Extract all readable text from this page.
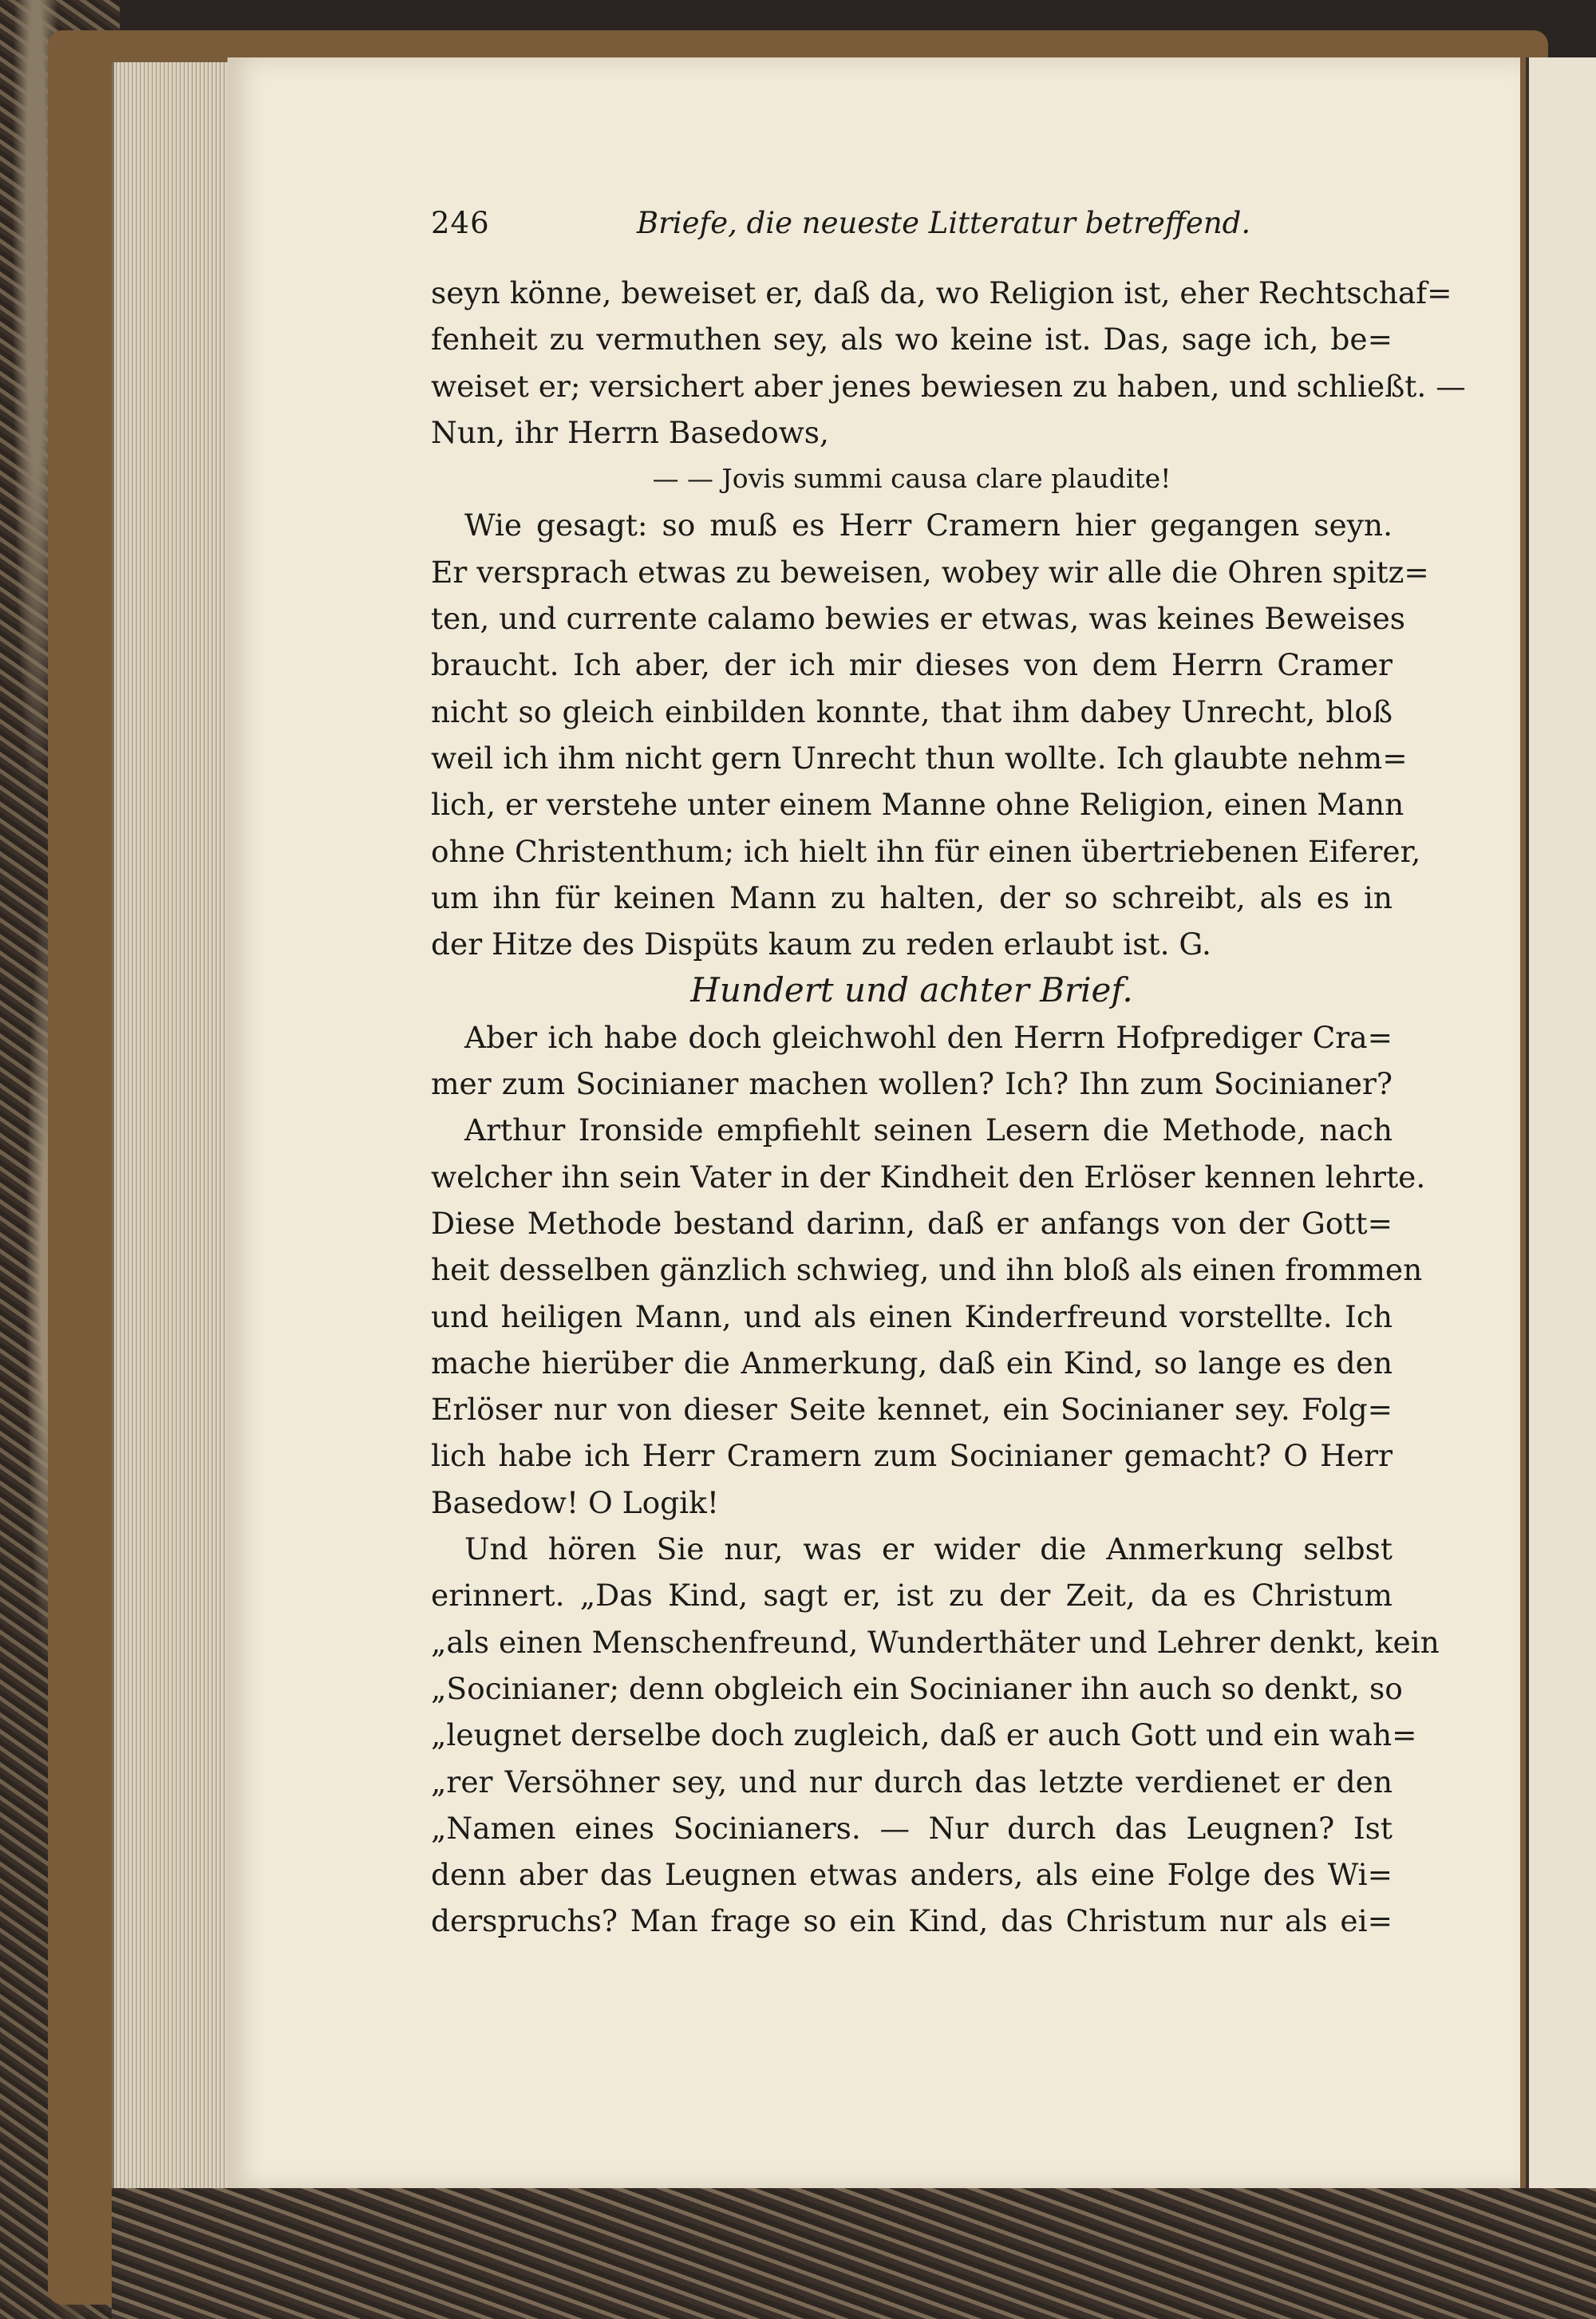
246	Briefe, die neueste Litteratur betreffend.
seyn könne, beweiset er, daß da, wo Religion ist, eher Rechtschaf=
fenheit zu vermuthen sey, als wo keine ist. Das, sage ich, be=
weiset er; versichert aber jenes bewiesen zu haben, und schließt. —
Nun, ihr Herrn Basedows,
— — Jovis summi causa clare plaudite!
Wie gesagt: so muß es Herr Cramern hier gegangen seyn.
Er versprach etwas zu beweisen, wobey wir alle die Ohren spitz=
ten, und currente calamo bewies er etwas, was keines Beweises
braucht. Ich aber, der ich mir dieses von dem Herrn Cramer
nicht so gleich einbilden konnte, that ihm dabey Unrecht, bloß
weil ich ihm nicht gern Unrecht thun wollte. Ich glaubte nehm=
lich, er verstehe unter einem Manne ohne Religion, einen Mann
ohne Christenthum; ich hielt ihn für einen übertriebenen Eiferer,
um ihn für keinen Mann zu halten, der so schreibt, als es in
der Hitze des Dispüts kaum zu reden erlaubt ist. G.
Hundert und achter Brief.
Aber ich habe doch gleichwohl den Herrn Hofprediger Cra=
mer zum Socinianer machen wollen? Ich? Ihn zum Socinianer?
Arthur Ironside empfiehlt seinen Lesern die Methode, nach
welcher ihn sein Vater in der Kindheit den Erlöser kennen lehrte.
Diese Methode bestand darinn, daß er anfangs von der Gott=
heit desselben gänzlich schwieg, und ihn bloß als einen frommen
und heiligen Mann, und als einen Kinderfreund vorstellte. Ich
mache hierüber die Anmerkung, daß ein Kind, so lange es den
Erlöser nur von dieser Seite kennet, ein Socinianer sey. Folg=
lich habe ich Herr Cramern zum Socinianer gemacht? O Herr
Basedow! O Logik!
Und hören Sie nur, was er wider die Anmerkung selbst
erinnert. „Das Kind, sagt er, ist zu der Zeit, da es Christum
„als einen Menschenfreund, Wunderthäter und Lehrer denkt, kein
„Socinianer; denn obgleich ein Socinianer ihn auch so denkt, so
„leugnet derselbe doch zugleich, daß er auch Gott und ein wah=
„rer Versöhner sey, und nur durch das letzte verdienet er den
„Namen eines Socinianers. — Nur durch das Leugnen? Ist
denn aber das Leugnen etwas anders, als eine Folge des Wi=
derspruchs? Man frage so ein Kind, das Christum nur als ei=
